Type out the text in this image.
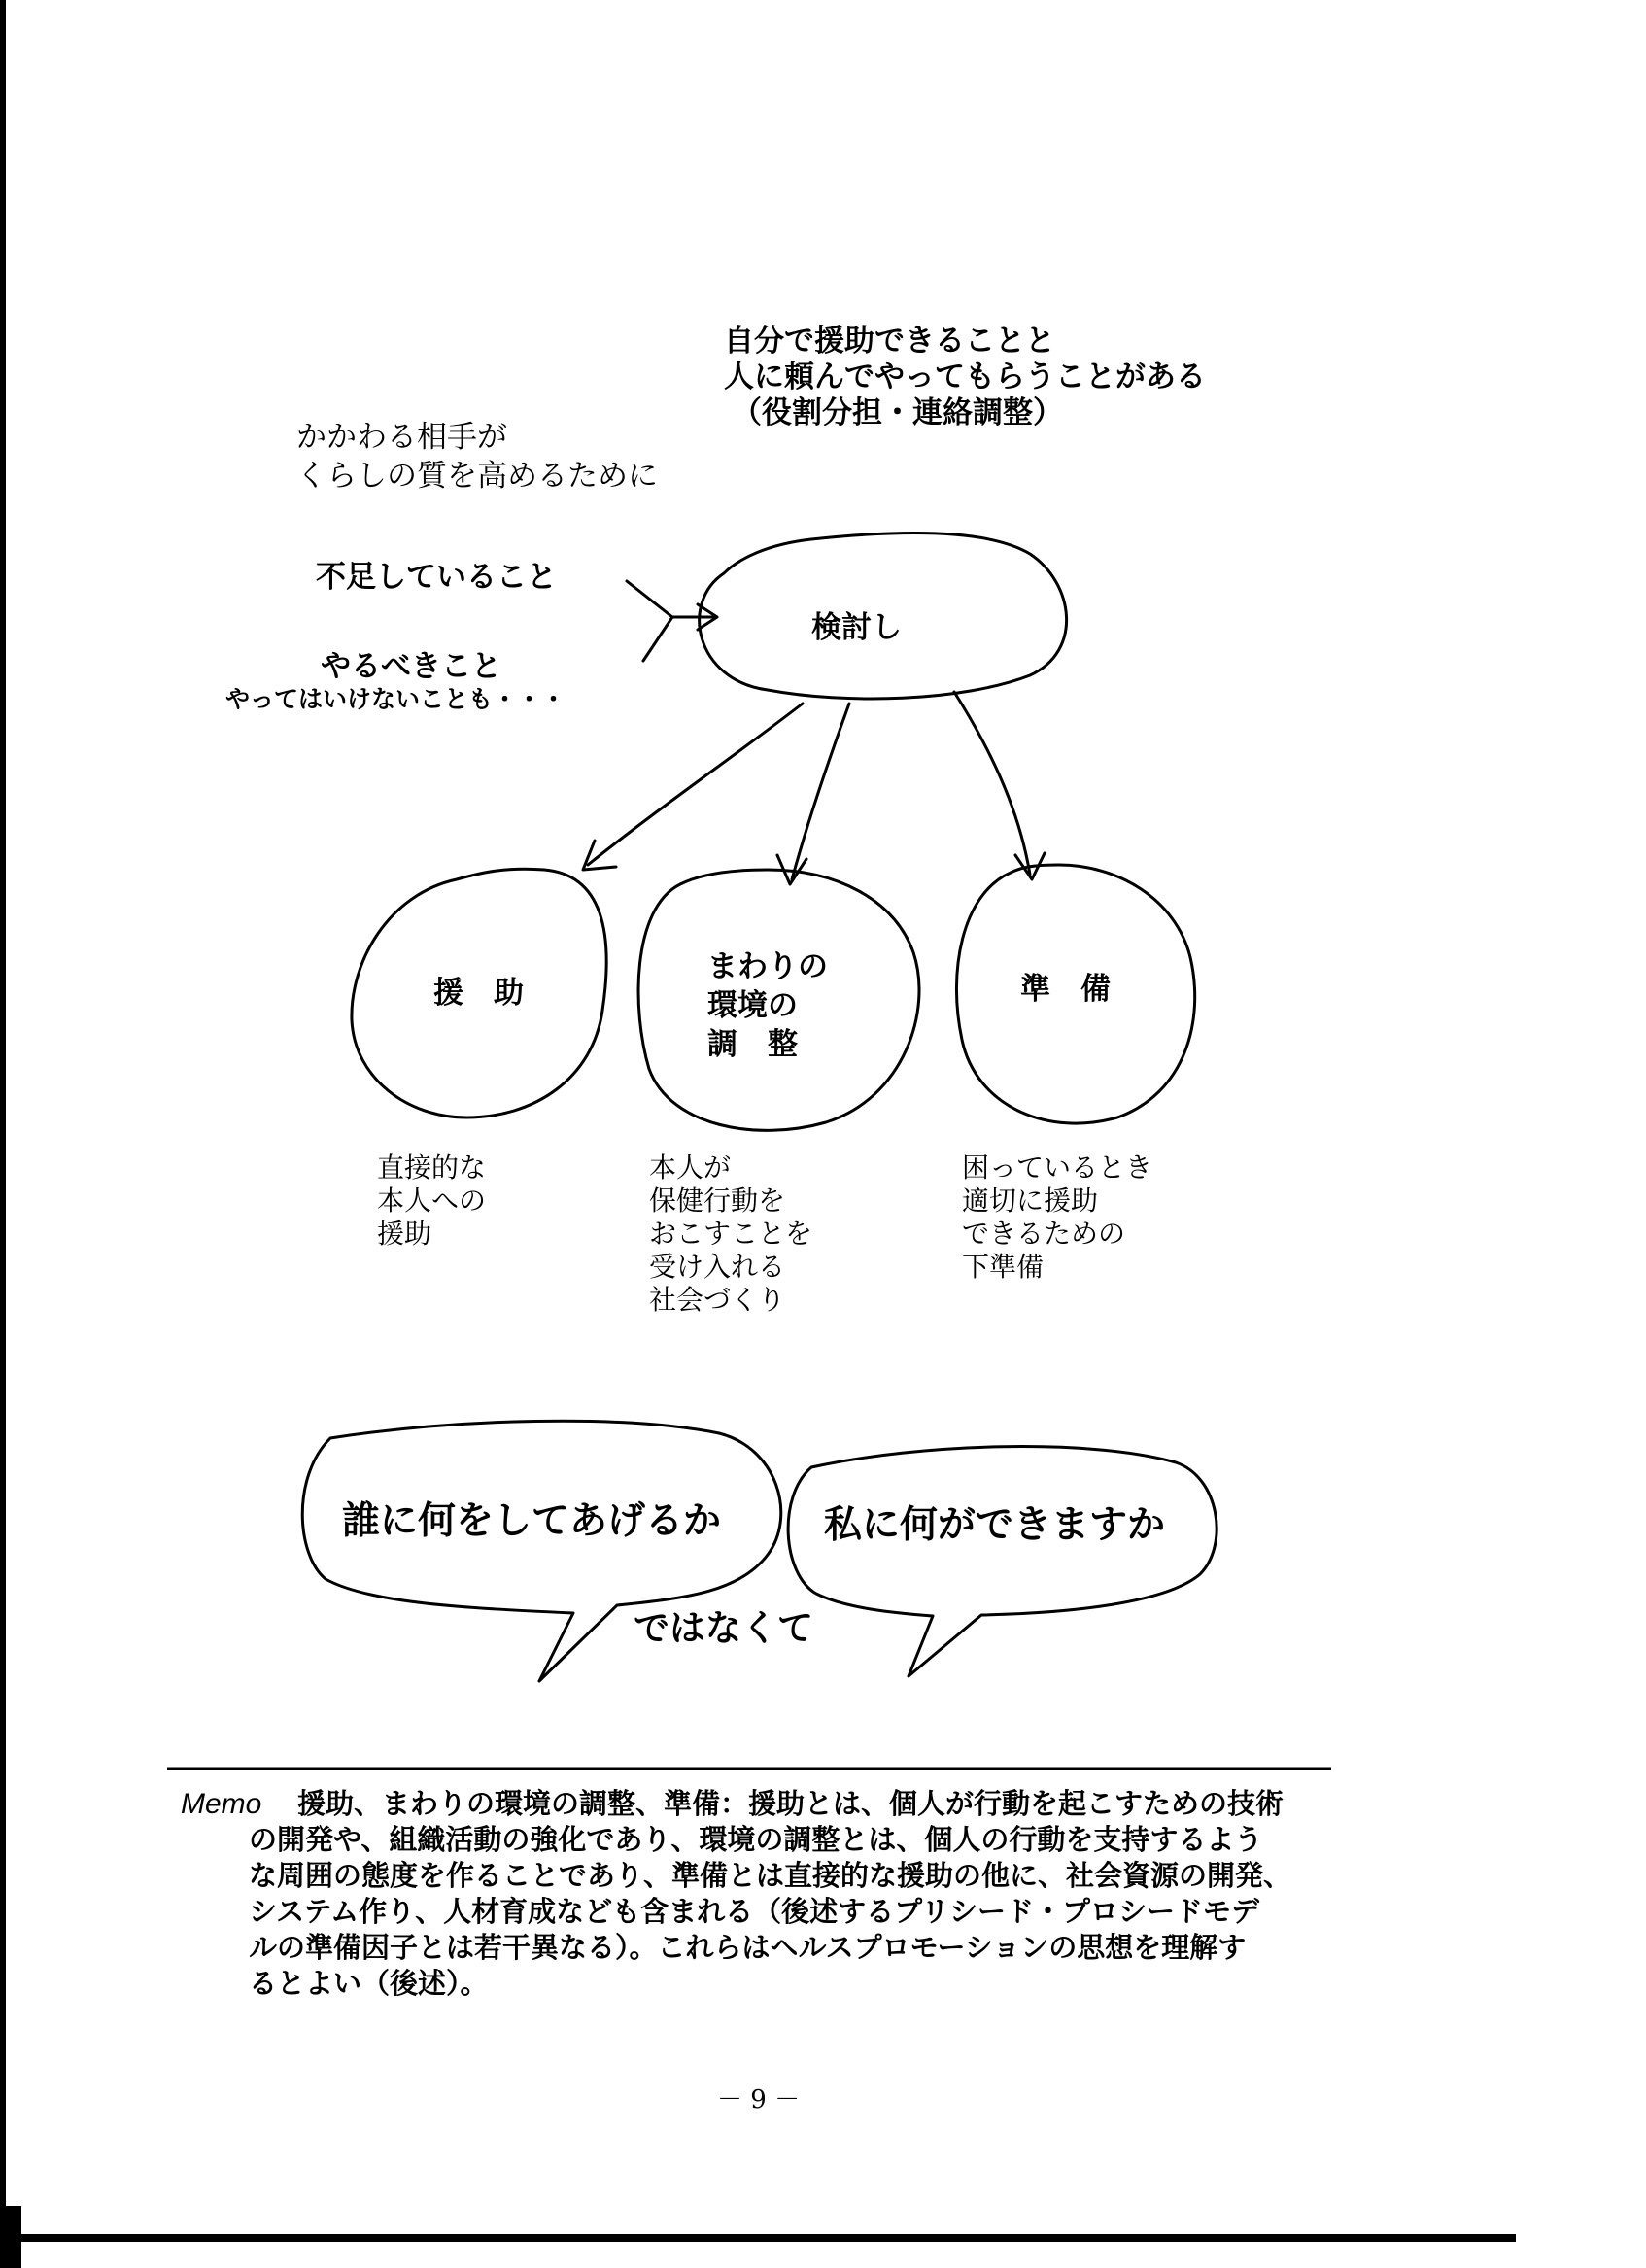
自分で援助できることと
人に頼んでやってもらうことがある
（役割分担・連絡調整）
かかわる相手が
くらしの質を高めるために
不足していること
やるべきこと
やってはいけないことも・・・
検討し
援　助
まわりの
環境の
調　整
準　備
直接的な
本人への
援助
本人が
保健行動を
おこすことを
受け入れる
社会づくり
困っているとき
適切に援助
できるための
下準備
誰に何をしてあげるか	私に何ができますか
ではなくて
Memo	援助、まわりの環境の調整、準備：援助とは、個人が行動を起こすための技術
の開発や、組織活動の強化であり、環境の調整とは、個人の行動を支持するよう
な周囲の態度を作ることであり、準備とは直接的な援助の他に、社会資源の開発、
システム作り、人材育成なども含まれる（後述するプリシード・プロシードモデ
ルの準備因子とは若干異なる）。これらはヘルスプロモーションの思想を理解す
るとよい（後述）。
－ 9 －
